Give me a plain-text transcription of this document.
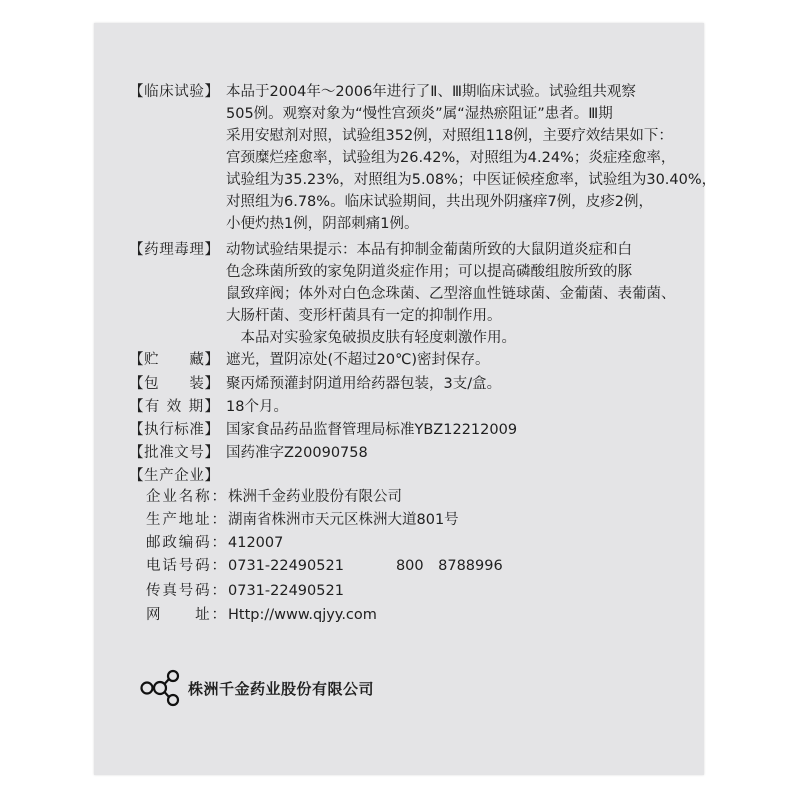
【临床试验】 本品于2004年～2006年进行了Ⅱ、Ⅲ期临床试验。试验组共观察
505例。观察对象为“慢性宫颈炎”属“湿热瘀阻证”患者。Ⅲ期
采用安慰剂对照，试验组352例，对照组118例，主要疗效结果如下：
宫颈糜烂痊愈率，试验组为26.42%，对照组为4.24%；炎症痊愈率，
试验组为35.23%，对照组为5.08%；中医证候痊愈率，试验组为30.40%，
对照组为6.78%。临床试验期间，共出现外阴瘙痒7例，皮疹2例，
小便灼热1例，阴部刺痛1例。
【药理毒理】 动物试验结果提示：本品有抑制金葡菌所致的大鼠阴道炎症和白
色念珠菌所致的家兔阴道炎症作用；可以提高磷酸组胺所致的豚
鼠致痒阀；体外对白色念珠菌、乙型溶血性链球菌、金葡菌、表葡菌、
大肠杆菌、变形杆菌具有一定的抑制作用。
　本品对实验家兔破损皮肤有轻度刺激作用。
【贮　　藏】 遮光，置阴凉处(不超过20℃)密封保存。
【包　　装】 聚丙烯预灌封阴道用给药器包装，3支/盒。
【有 效 期】 18个月。
【执行标准】 国家食品药品监督管理局标准YBZ12212009
【批准文号】 国药准字Z20090758
【生产企业】
企业名称： 株洲千金药业股份有限公司
生产地址： 湖南省株洲市天元区株洲大道801号
邮政编码： 412007
电话号码： 0731-22490521	800　8788996
传真号码： 0731-22490521
网　　址： Http://www.qjyy.com
株洲千金药业股份有限公司
